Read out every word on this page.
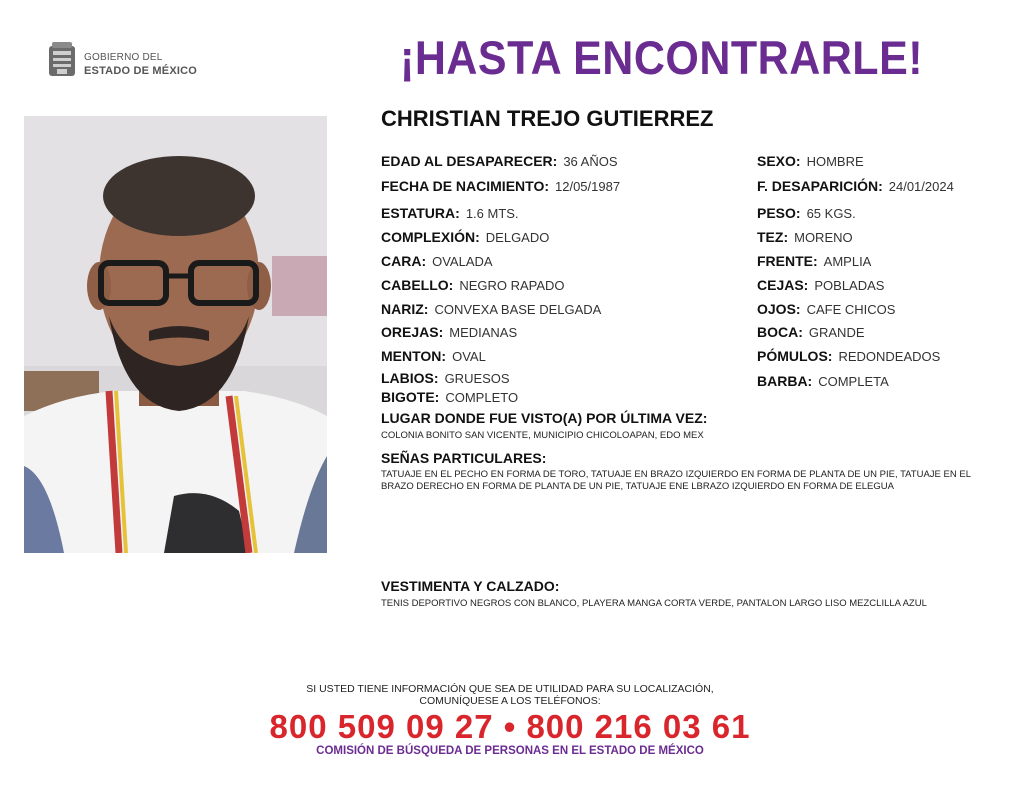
GOBIERNO DEL
ESTADO DE MÉXICO	¡HASTA ENCONTRARLE!
CHRISTIAN TREJO GUTIERREZ
EDAD AL DESAPARECER: 36 AÑOS
FECHA DE NACIMIENTO: 12/05/1987
ESTATURA: 1.6 MTS.
COMPLEXIÓN: DELGADO
CARA: OVALADA
CABELLO: NEGRO RAPADO
NARIZ: CONVEXA BASE DELGADA
OREJAS: MEDIANAS
MENTON: OVAL
LABIOS: GRUESOS
BIGOTE: COMPLETO
SEXO: HOMBRE
F. DESAPARICIÓN: 24/01/2024
PESO: 65 KGS.
TEZ: MORENO
FRENTE: AMPLIA
CEJAS: POBLADAS
OJOS: CAFE CHICOS
BOCA: GRANDE
PÓMULOS: REDONDEADOS
BARBA: COMPLETA
LUGAR DONDE FUE VISTO(A) POR ÚLTIMA VEZ:
COLONIA BONITO SAN VICENTE, MUNICIPIO CHICOLOAPAN, EDO MEX
SEÑAS PARTICULARES:
TATUAJE EN EL PECHO EN FORMA DE TORO, TATUAJE EN BRAZO IZQUIERDO EN FORMA DE PLANTA DE UN PIE, TATUAJE EN EL BRAZO DERECHO EN FORMA DE PLANTA DE UN PIE, TATUAJE ENE LBRAZO IZQUIERDO EN FORMA DE ELEGUA
VESTIMENTA Y CALZADO:
TENIS DEPORTIVO NEGROS CON BLANCO, PLAYERA MANGA CORTA VERDE, PANTALON LARGO LISO MEZCLILLA AZUL
SI USTED TIENE INFORMACIÓN QUE SEA DE UTILIDAD PARA SU LOCALIZACIÓN,
COMUNÍQUESE A LOS TELÉFONOS:
800 509 09 27 • 800 216 03 61
COMISIÓN DE BÚSQUEDA DE PERSONAS EN EL ESTADO DE MÉXICO
